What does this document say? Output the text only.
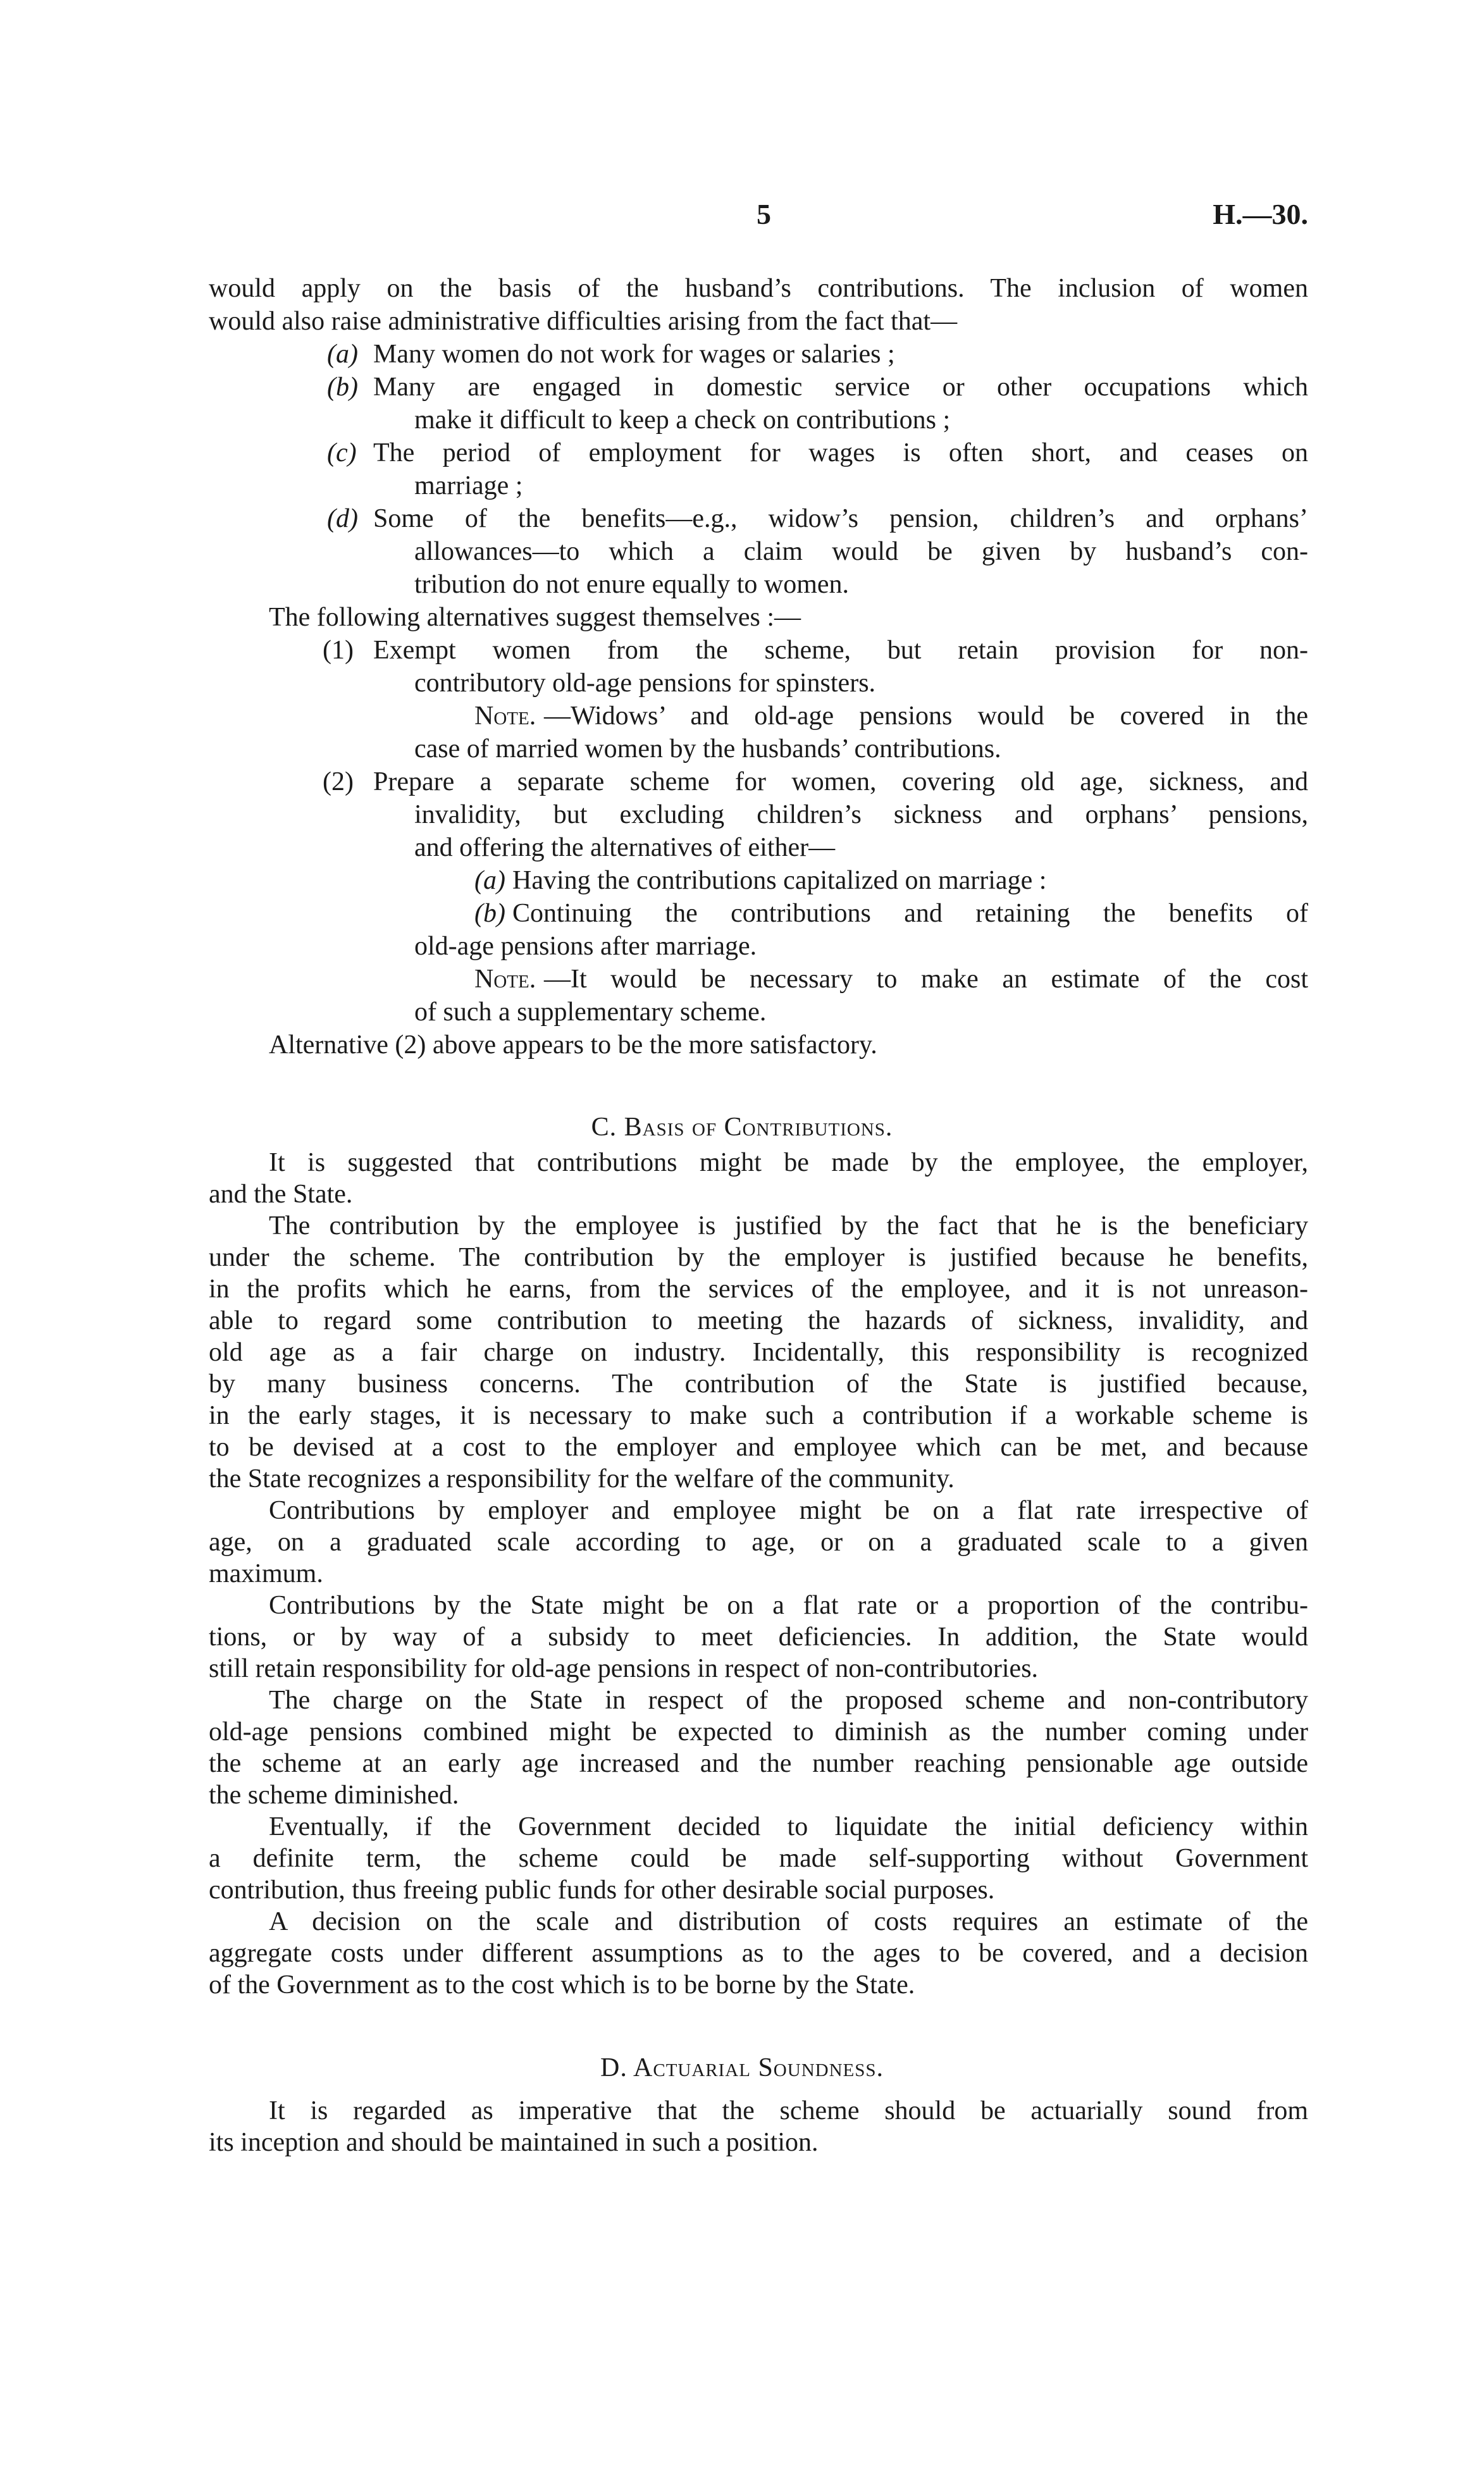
5	H.—30.
would apply on the basis of the husband’s contributions. The inclusion of women
would also raise administrative difficulties arising from the fact that—
(a) Many women do not work for wages or salaries ;
(b) Many are engaged in domestic service or other occupations which
make it difficult to keep a check on contributions ;
(c) The period of employment for wages is often short, and ceases on
marriage ;
(d) Some of the benefits—e.g., widow’s pension, children’s and orphans’
allowances—to which a claim would be given by husband’s con-
tribution do not enure equally to women.
The following alternatives suggest themselves :—
(1) Exempt women from the scheme, but retain provision for non-
contributory old-age pensions for spinsters.
Note. —Widows’ and old-age pensions would be covered in the
case of married women by the husbands’ contributions.
(2) Prepare a separate scheme for women, covering old age, sickness, and
invalidity, but excluding children’s sickness and orphans’ pensions,
and offering the alternatives of either—
(a) Having the contributions capitalized on marriage :
(b) Continuing the contributions and retaining the benefits of
old-age pensions after marriage.
Note. —It would be necessary to make an estimate of the cost
of such a supplementary scheme.
Alternative (2) above appears to be the more satisfactory.
C. Basis of Contributions.
It is suggested that contributions might be made by the employee, the employer,
and the State.
The contribution by the employee is justified by the fact that he is the beneficiary
under the scheme. The contribution by the employer is justified because he benefits,
in the profits which he earns, from the services of the employee, and it is not unreason-
able to regard some contribution to meeting the hazards of sickness, invalidity, and
old age as a fair charge on industry. Incidentally, this responsibility is recognized
by many business concerns. The contribution of the State is justified because,
in the early stages, it is necessary to make such a contribution if a workable scheme is
to be devised at a cost to the employer and employee which can be met, and because
the State recognizes a responsibility for the welfare of the community.
Contributions by employer and employee might be on a flat rate irrespective of
age, on a graduated scale according to age, or on a graduated scale to a given
maximum.
Contributions by the State might be on a flat rate or a proportion of the contribu-
tions, or by way of a subsidy to meet deficiencies. In addition, the State would
still retain responsibility for old-age pensions in respect of non-contributories.
The charge on the State in respect of the proposed scheme and non-contributory
old-age pensions combined might be expected to diminish as the number coming under
the scheme at an early age increased and the number reaching pensionable age outside
the scheme diminished.
Eventually, if the Government decided to liquidate the initial deficiency within
a definite term, the scheme could be made self-supporting without Government
contribution, thus freeing public funds for other desirable social purposes.
A decision on the scale and distribution of costs requires an estimate of the
aggregate costs under different assumptions as to the ages to be covered, and a decision
of the Government as to the cost which is to be borne by the State.
D. Actuarial Soundness.
It is regarded as imperative that the scheme should be actuarially sound from
its inception and should be maintained in such a position.
